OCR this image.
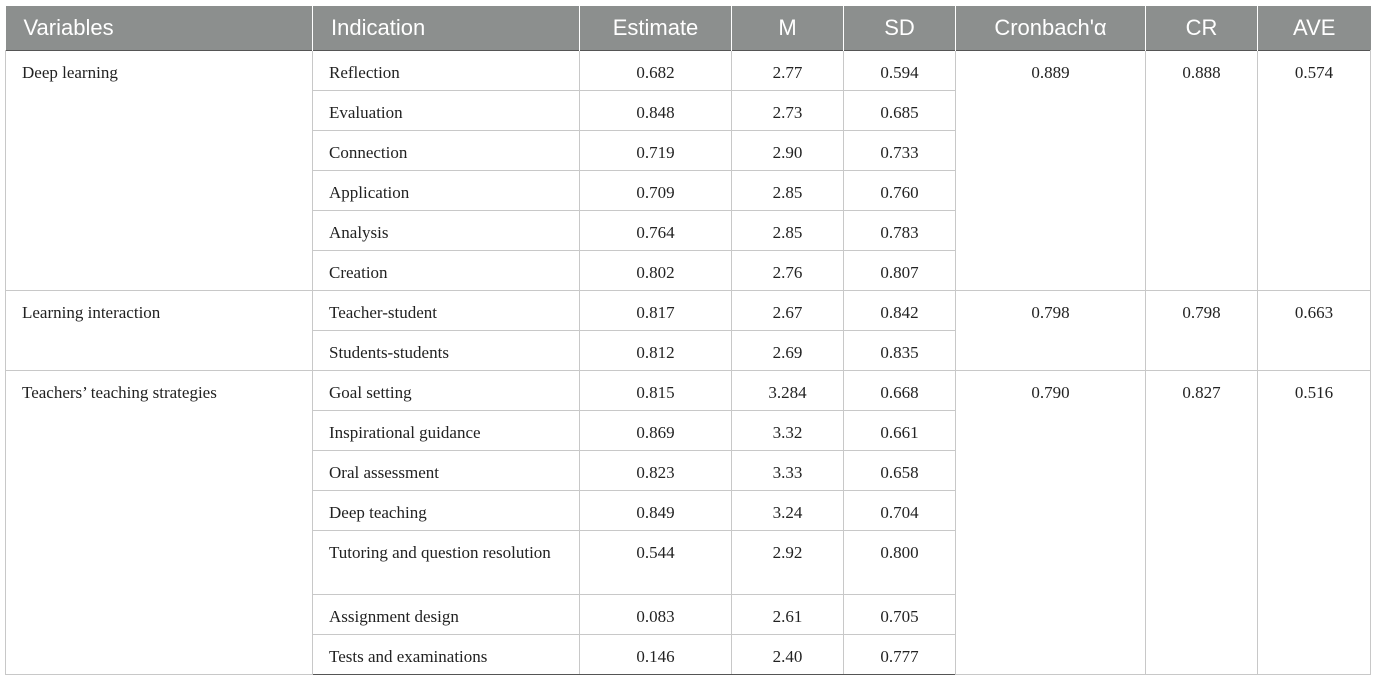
Variables	Indication	Estimate	M	SD	Cronbach'α	CR	AVE
Deep learning	Reflection	0.682	2.77	0.594	0.889	0.888	0.574
	Evaluation	0.848	2.73	0.685			
	Connection	0.719	2.90	0.733			
	Application	0.709	2.85	0.760			
	Analysis	0.764	2.85	0.783			
	Creation	0.802	2.76	0.807			
Learning interaction	Teacher-student	0.817	2.67	0.842	0.798	0.798	0.663
	Students-students	0.812	2.69	0.835			
Teachers’ teaching strategies	Goal setting	0.815	3.284	0.668	0.790	0.827	0.516
	Inspirational guidance	0.869	3.32	0.661			
	Oral assessment	0.823	3.33	0.658			
	Deep teaching	0.849	3.24	0.704			
	Tutoring and question resolution	0.544	2.92	0.800			
	Assignment design	0.083	2.61	0.705			
	Tests and examinations	0.146	2.40	0.777			
